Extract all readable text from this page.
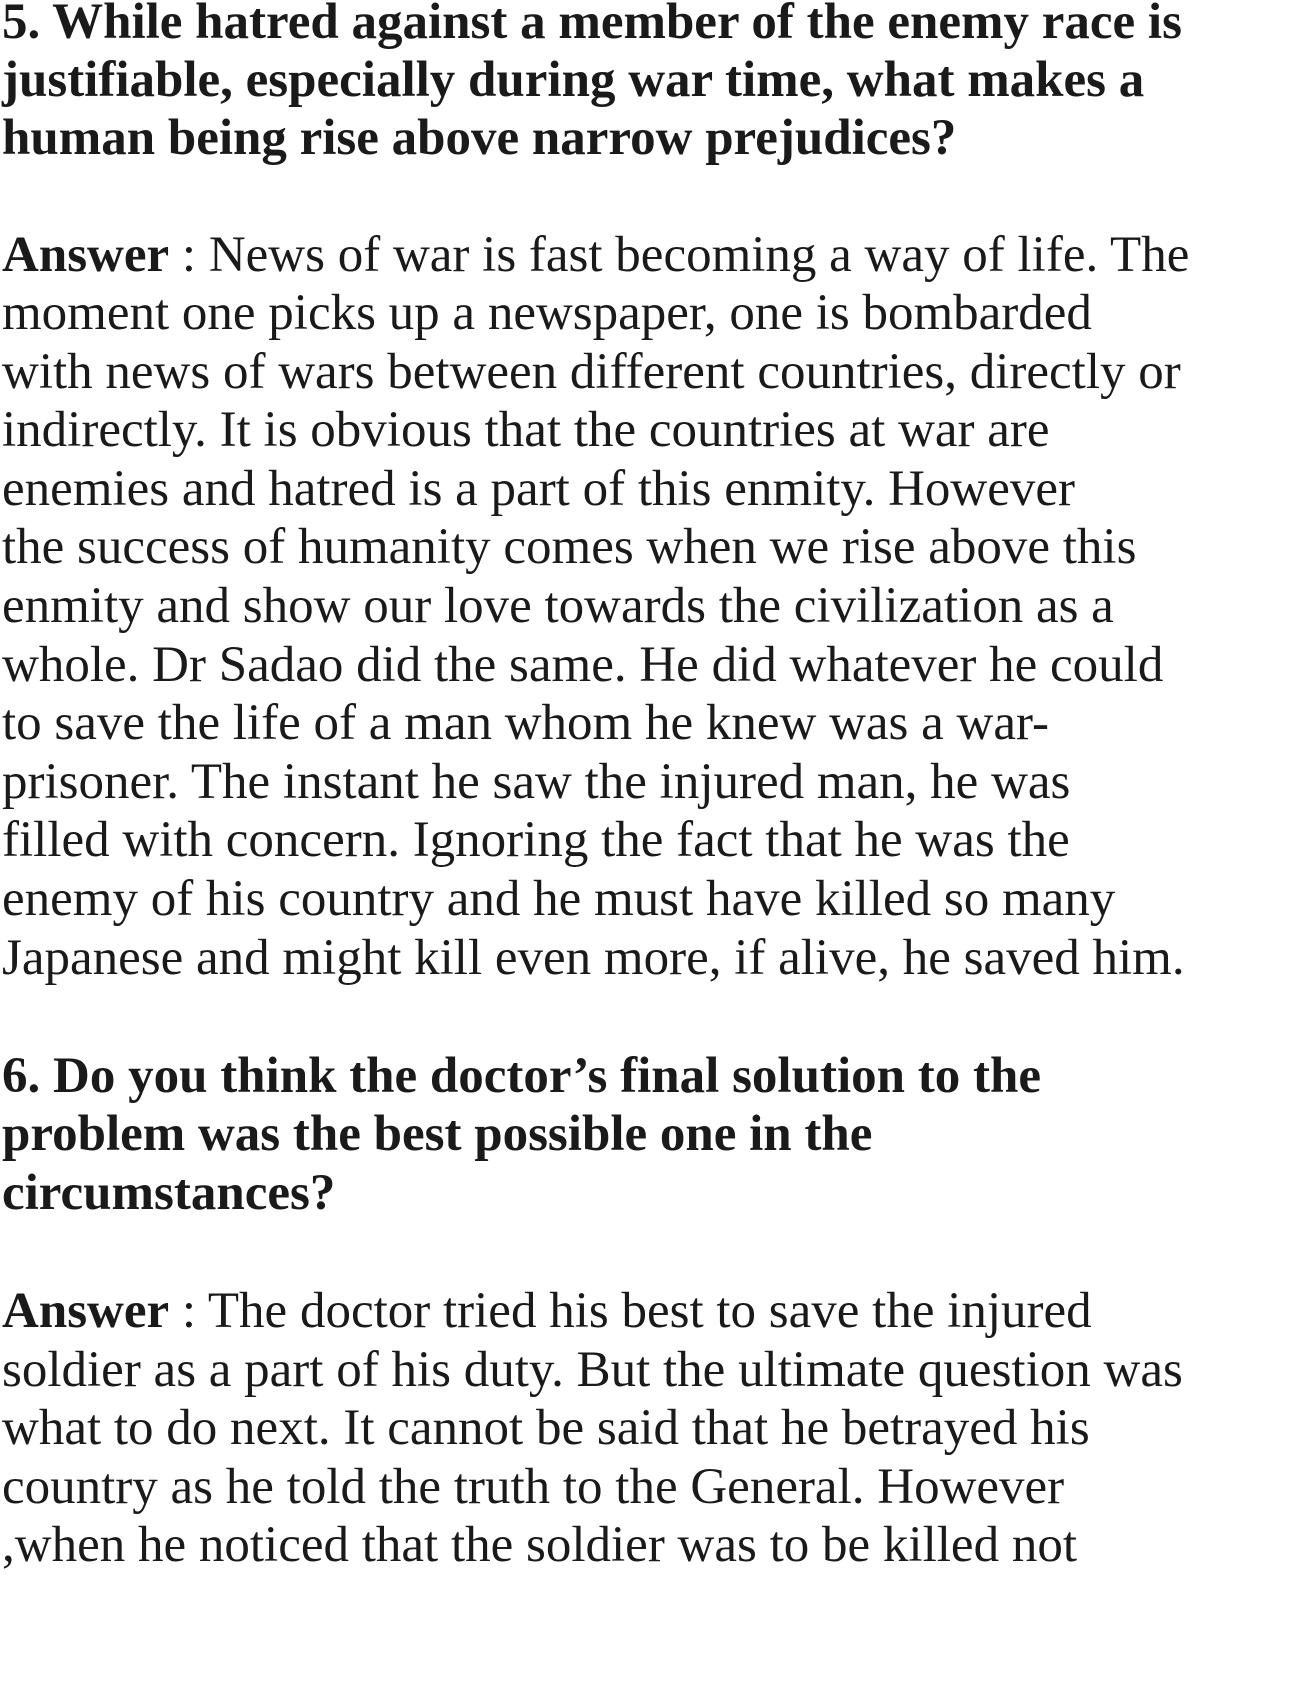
5. While hatred against a member of the enemy race is
justifiable, especially during war time, what makes a
human being rise above narrow prejudices?
Answer : News of war is fast becoming a way of life. The
moment one picks up a newspaper, one is bombarded
with news of wars between different countries, directly or
indirectly. It is obvious that the countries at war are
enemies and hatred is a part of this enmity. However
the success of humanity comes when we rise above this
enmity and show our love towards the civilization as a
whole. Dr Sadao did the same. He did whatever he could
to save the life of a man whom he knew was a war-
prisoner. The instant he saw the injured man, he was
filled with concern. Ignoring the fact that he was the
enemy of his country and he must have killed so many
Japanese and might kill even more, if alive, he saved him.
6. Do you think the doctor’s final solution to the
problem was the best possible one in the
circumstances?
Answer : The doctor tried his best to save the injured
soldier as a part of his duty. But the ultimate question was
what to do next. It cannot be said that he betrayed his
country as he told the truth to the General. However
,when he noticed that the soldier was to be killed not
